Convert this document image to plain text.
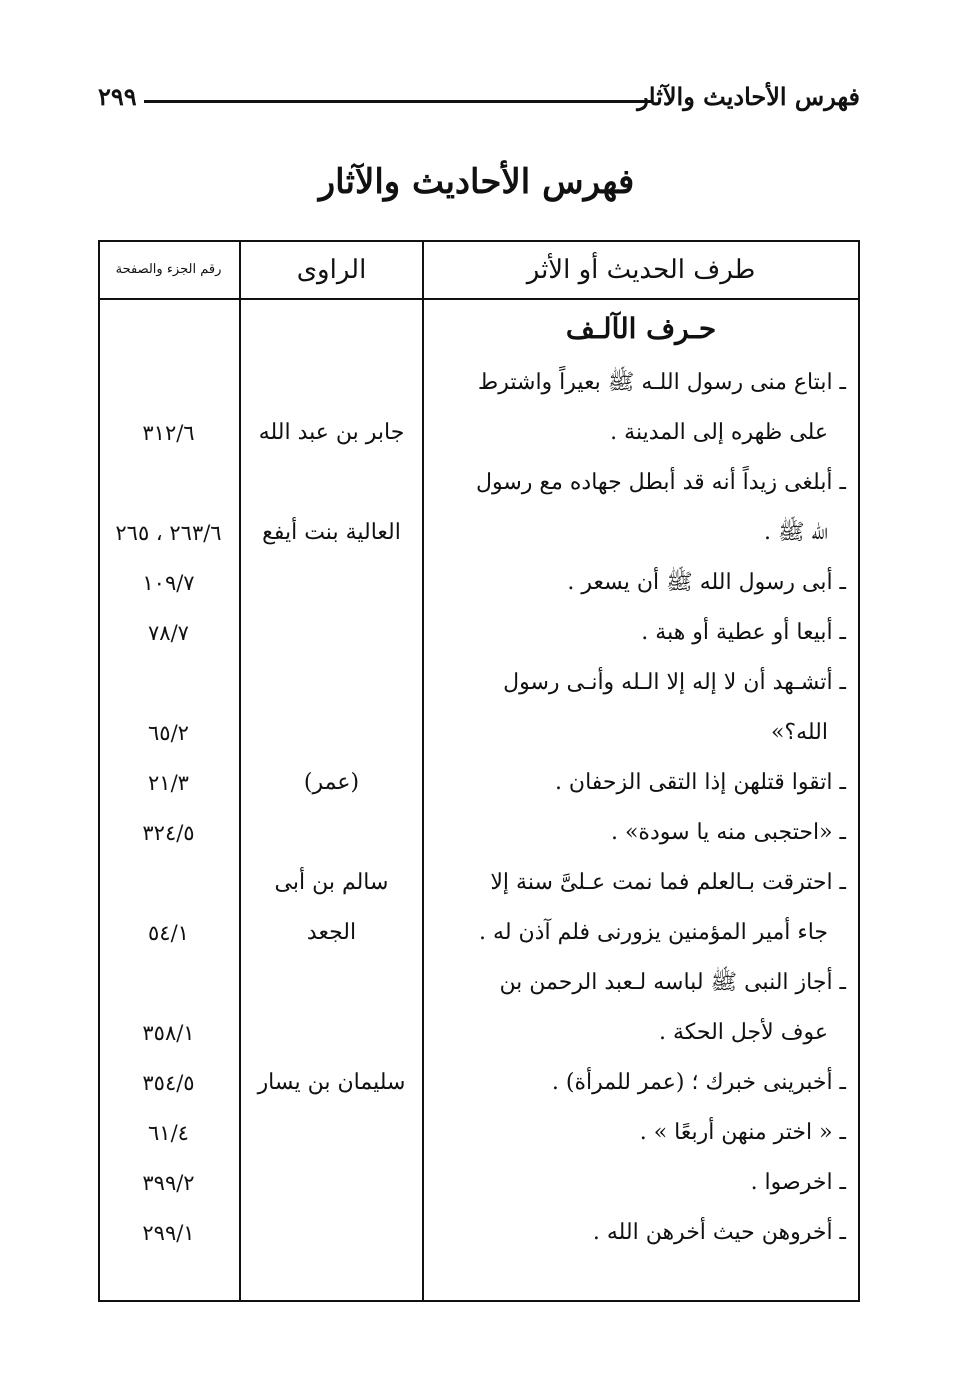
فهرس الأحاديث والآثار
٢٩٩
فهرس الأحاديث والآثار
طرف الحديث أو الأثر
الراوى
رقم الجزء والصفحة
حـرف الآلـف
ـ ابتاع منى رسول اللـه ﷺ بعيراً واشترط
على ظهره إلى المدينة .
ـ أبلغى زيداً أنه قد أبطل جهاده مع رسول
الله ﷺ .
ـ أبى رسول الله ﷺ أن يسعر .
ـ أبيعا أو عطية أو هبة .
ـ أتشـهد أن لا إله إلا الـله وأنـى رسول
الله؟»
ـ اتقوا قتلهن إذا التقى الزحفان .
ـ «احتجبى منه يا سودة» .
ـ احترقت بـالعلم فما نمت عـلىَّ سنة إلا
جاء أمير المؤمنين يزورنى فلم آذن له .
ـ أجاز النبى ﷺ لباسه لـعبد الرحمن بن
عوف لأجل الحكة .
ـ أخبرينى خبرك ؛ (عمر للمرأة) .
ـ « اختر منهن أربعًا » .
ـ اخرصوا .
ـ أخروهن حيث أخرهن الله .
جابر بن عبد الله
العالية بنت أيفع
(عمر)
سالم بن أبى
الجعد
سليمان بن يسار
٣١٢/٦
٢٦٣/٦ ، ٢٦٥
١٠٩/٧
٧٨/٧
٦٥/٢
٢١/٣
٣٢٤/٥
٥٤/١
٣٥٨/١
٣٥٤/٥
٦١/٤
٣٩٩/٢
٢٩٩/١
